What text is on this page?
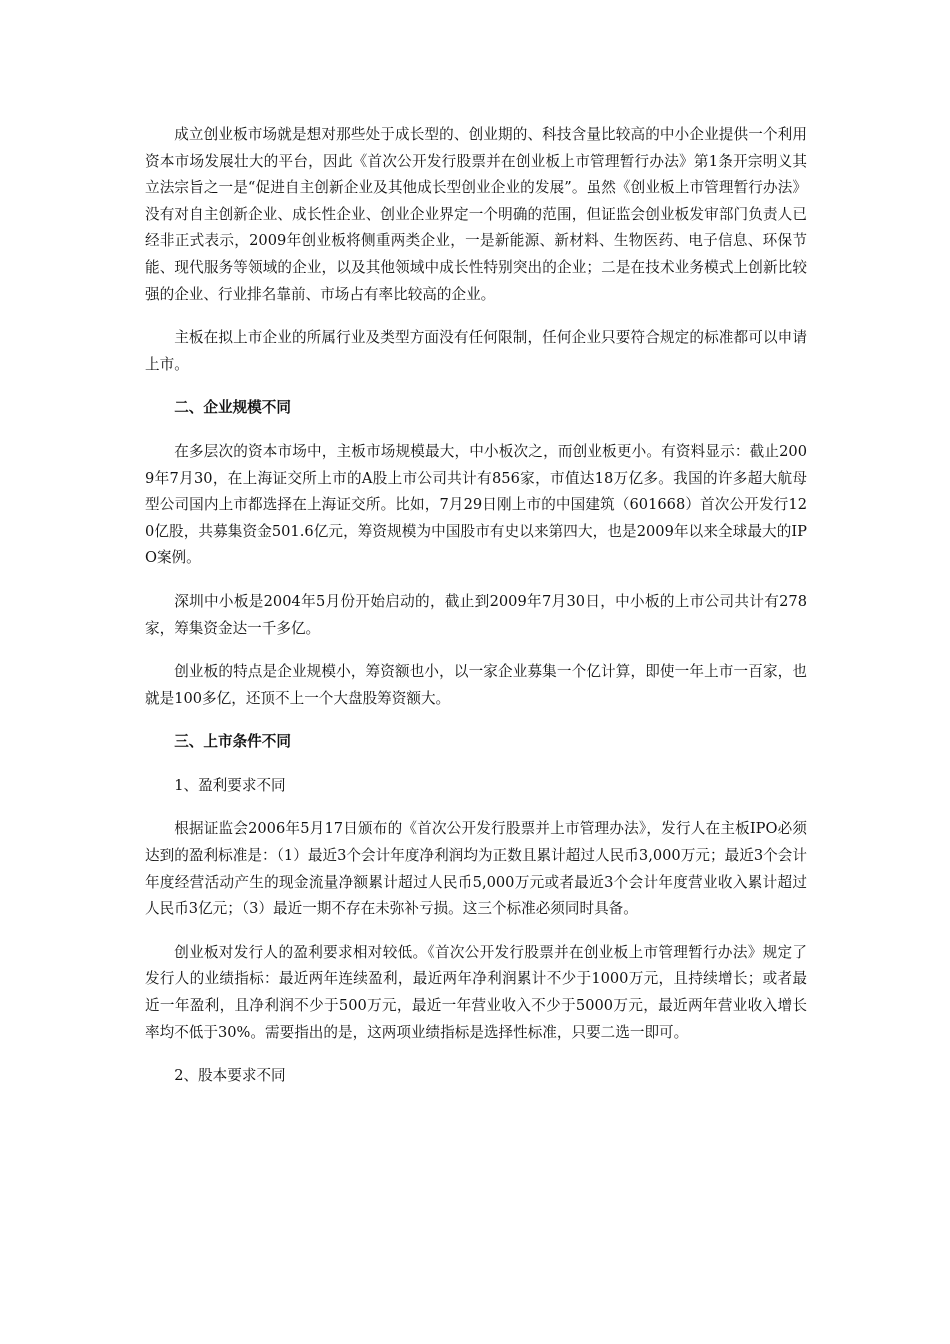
成立创业板市场就是想对那些处于成长型的、创业期的、科技含量比较高的中小企业提供一个利用资本市场发展壮大的平台，因此《首次公开发行股票并在创业板上市管理暂行办法》第1条开宗明义其立法宗旨之一是“促进自主创新企业及其他成长型创业企业的发展”。虽然《创业板上市管理暂行办法》没有对自主创新企业、成长性企业、创业企业界定一个明确的范围，但证监会创业板发审部门负责人已经非正式表示，2009年创业板将侧重两类企业，一是新能源、新材料、生物医药、电子信息、环保节能、现代服务等领域的企业，以及其他领域中成长性特别突出的企业；二是在技术业务模式上创新比较强的企业、行业排名靠前、市场占有率比较高的企业。

主板在拟上市企业的所属行业及类型方面没有任何限制，任何企业只要符合规定的标准都可以申请上市。

二、企业规模不同

在多层次的资本市场中，主板市场规模最大，中小板次之，而创业板更小。有资料显示：截止2009年7月30，在上海证交所上市的A股上市公司共计有856家，市值达18万亿多。我国的许多超大航母型公司国内上市都选择在上海证交所。比如，7月29日刚上市的中国建筑（601668）首次公开发行120亿股，共募集资金501.6亿元，筹资规模为中国股市有史以来第四大，也是2009年以来全球最大的IPO案例。

深圳中小板是2004年5月份开始启动的，截止到2009年7月30日，中小板的上市公司共计有278家，筹集资金达一千多亿。

创业板的特点是企业规模小，筹资额也小，以一家企业募集一个亿计算，即使一年上市一百家，也就是100多亿，还顶不上一个大盘股筹资额大。

三、上市条件不同

1、盈利要求不同

根据证监会2006年5月17日颁布的《首次公开发行股票并上市管理办法》，发行人在主板IPO必须达到的盈利标准是：（1）最近3个会计年度净利润均为正数且累计超过人民币3,000万元；最近3个会计年度经营活动产生的现金流量净额累计超过人民币5,000万元或者最近3个会计年度营业收入累计超过人民币3亿元；（3）最近一期不存在未弥补亏损。这三个标准必须同时具备。

创业板对发行人的盈利要求相对较低。《首次公开发行股票并在创业板上市管理暂行办法》规定了发行人的业绩指标：最近两年连续盈利，最近两年净利润累计不少于1000万元，且持续增长；或者最近一年盈利，且净利润不少于500万元，最近一年营业收入不少于5000万元，最近两年营业收入增长率均不低于30%。需要指出的是，这两项业绩指标是选择性标准，只要二选一即可。

2、股本要求不同
